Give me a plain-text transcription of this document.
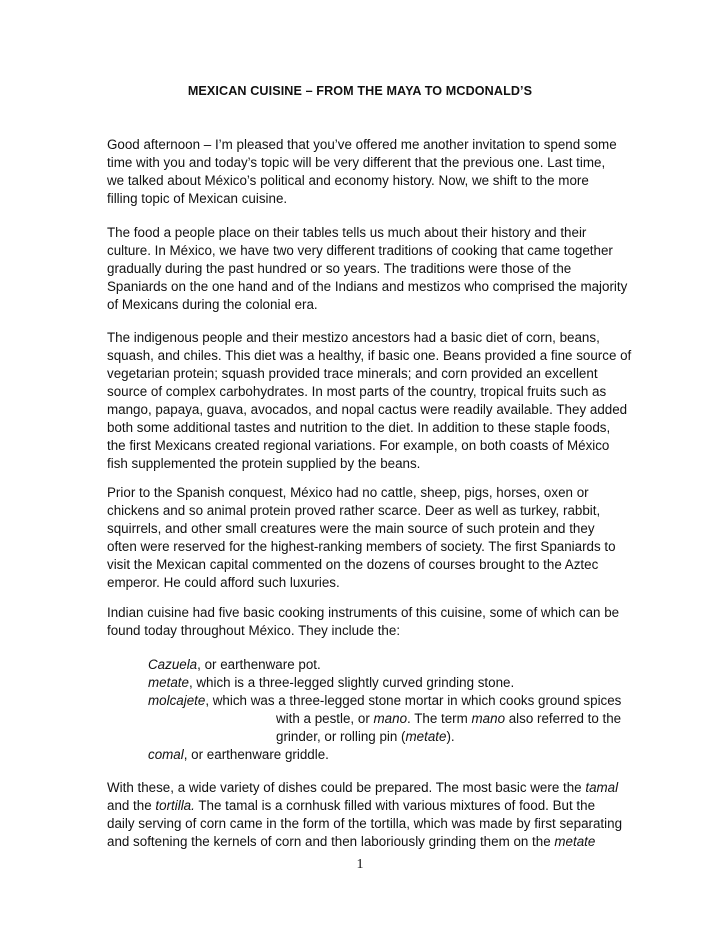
MEXICAN CUISINE – FROM THE MAYA TO MCDONALD’S
Good afternoon – I’m pleased that you’ve offered me another invitation to spend some
time with you and today’s topic will be very different that the previous one. Last time,
we talked about México’s political and economy history. Now, we shift to the more
filling topic of Mexican cuisine.
The food a people place on their tables tells us much about their history and their
culture. In México, we have two very different traditions of cooking that came together
gradually during the past hundred or so years. The traditions were those of the
Spaniards on the one hand and of the Indians and mestizos who comprised the majority
of Mexicans during the colonial era.
The indigenous people and their mestizo ancestors had a basic diet of corn, beans,
squash, and chiles. This diet was a healthy, if basic one. Beans provided a fine source of
vegetarian protein; squash provided trace minerals; and corn provided an excellent
source of complex carbohydrates. In most parts of the country, tropical fruits such as
mango, papaya, guava, avocados, and nopal cactus were readily available. They added
both some additional tastes and nutrition to the diet. In addition to these staple foods,
the first Mexicans created regional variations. For example, on both coasts of México
fish supplemented the protein supplied by the beans.
Prior to the Spanish conquest, México had no cattle, sheep, pigs, horses, oxen or
chickens and so animal protein proved rather scarce. Deer as well as turkey, rabbit,
squirrels, and other small creatures were the main source of such protein and they
often were reserved for the highest-ranking members of society. The first Spaniards to
visit the Mexican capital commented on the dozens of courses brought to the Aztec
emperor. He could afford such luxuries.
Indian cuisine had five basic cooking instruments of this cuisine, some of which can be
found today throughout México. They include the:
Cazuela, or earthenware pot.
metate, which is a three-legged slightly curved grinding stone.
molcajete, which was a three-legged stone mortar in which cooks ground spices
with a pestle, or mano. The term mano also referred to the
grinder, or rolling pin (metate).
comal, or earthenware griddle.
With these, a wide variety of dishes could be prepared. The most basic were the tamal
and the tortilla. The tamal is a cornhusk filled with various mixtures of food. But the
daily serving of corn came in the form of the tortilla, which was made by first separating
and softening the kernels of corn and then laboriously grinding them on the metate
1
